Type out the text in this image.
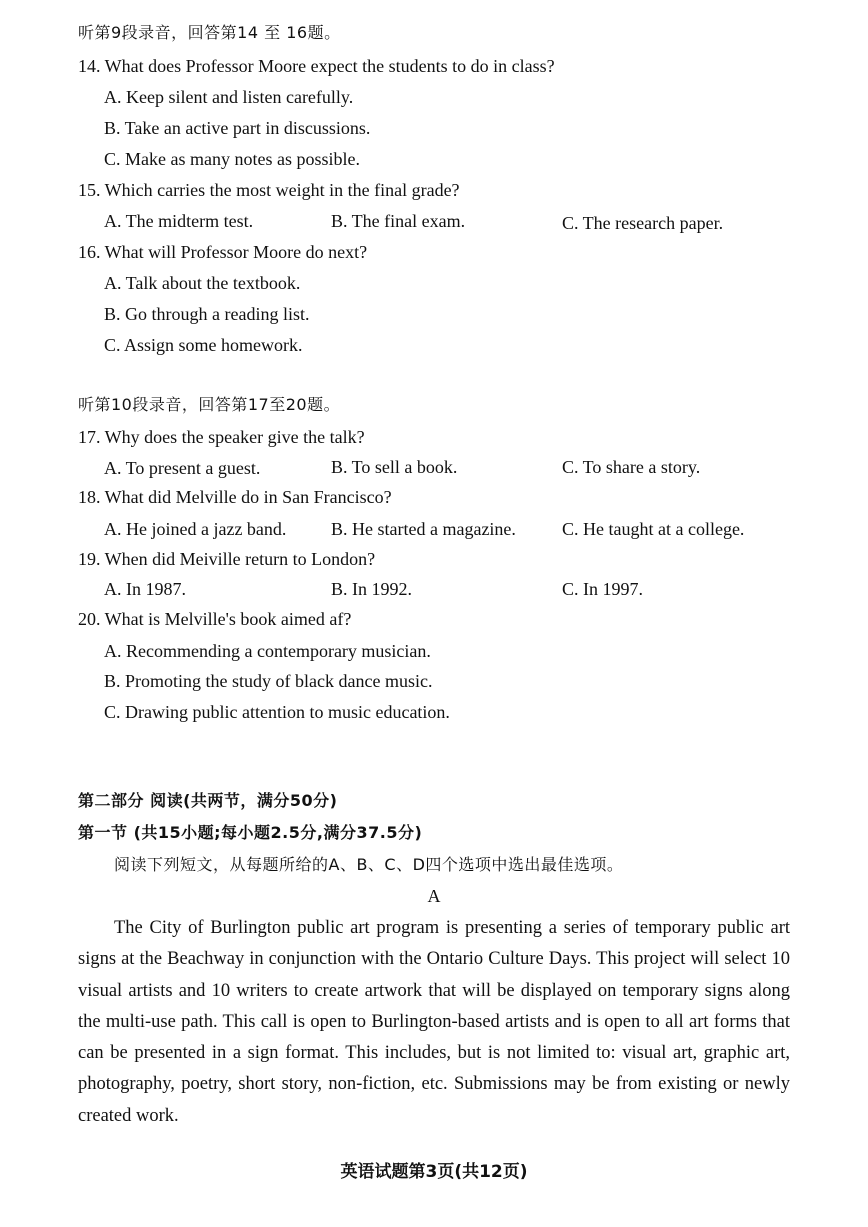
听第9段录音，回答第14 至 16题。
14. What does Professor Moore expect the students to do in class?
A. Keep silent and listen carefully.
B. Take an active part in discussions.
C. Make as many notes as possible.
15. Which carries the most weight in the final grade?
A. The midterm test.	B. The final exam.	C. The research paper.
16. What will Professor Moore do next?
A. Talk about the textbook.
B. Go through a reading list.
C. Assign some homework.
听第10段录音，回答第17至20题。
17. Why does the speaker give the talk?
A. To present a guest.	B. To sell a book.	C. To share a story.
18. What did Melville do in San Francisco?
A. He joined a jazz band. B. He started a magazine.	C. He taught at a college.
19. When did Meiville return to London?
A. In 1987.	B. In 1992.	C. In 1997.
20. What is Melville's book aimed af?
A. Recommending a contemporary musician.
B. Promoting the study of black dance music.
C. Drawing public attention to music education.
第二部分 阅读(共两节，满分50分)
第一节 (共15小题;每小题2.5分,满分37.5分)
阅读下列短文，从每题所给的A、B、C、D四个选项中选出最佳选项。
A
The City of Burlington public art program is presenting a series of temporary public art signs at the Beachway in conjunction with the Ontario Culture Days. This project will select 10 visual artists and 10 writers to create artwork that will be displayed on temporary signs along the multi-use path. This call is open to Burlington-based artists and is open to all art forms that can be presented in a sign format. This includes, but is not limited to: visual art, graphic art, photography, poetry, short story, non-fiction, etc. Submissions may be from existing or newly created work.
英语试题第3页(共12页)
